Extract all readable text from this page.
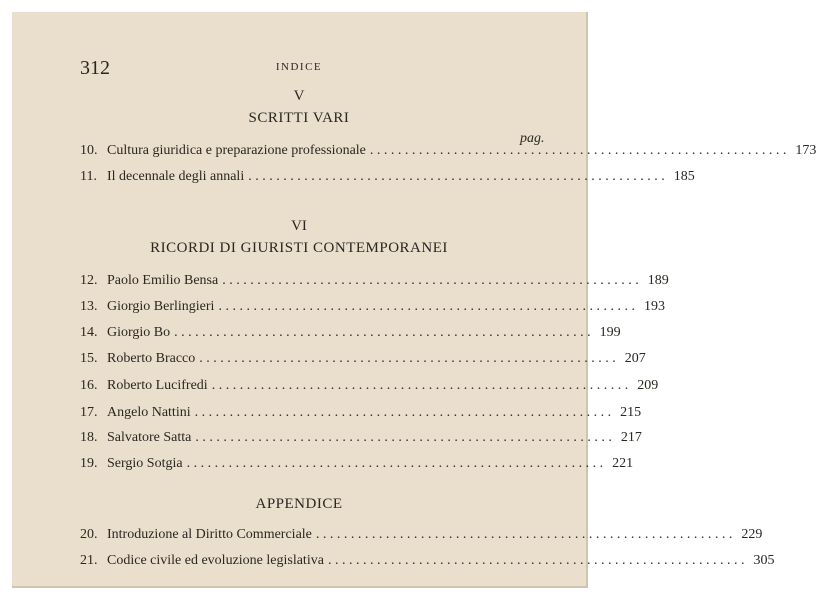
312	INDICE
V
SCRITTI VARI
pag.
VI
RICORDI DI GIURISTI CONTEMPORANEI
APPENDICE
10. Cultura giuridica e preparazione professionale . . . . . . . . . . . . . . . . . . . . . . . . . . . . . . . . . . . . . . . . . . . . . . . . . . . . . . . . . . . . 173
11. Il decennale degli annali . . . . . . . . . . . . . . . . . . . . . . . . . . . . . . . . . . . . . . . . . . . . . . . . . . . . . . . . . . . . 185
12. Paolo Emilio Bensa . . . . . . . . . . . . . . . . . . . . . . . . . . . . . . . . . . . . . . . . . . . . . . . . . . . . . . . . . . . . 189
13. Giorgio Berlingieri . . . . . . . . . . . . . . . . . . . . . . . . . . . . . . . . . . . . . . . . . . . . . . . . . . . . . . . . . . . . 193
14. Giorgio Bo . . . . . . . . . . . . . . . . . . . . . . . . . . . . . . . . . . . . . . . . . . . . . . . . . . . . . . . . . . . . 199
15. Roberto Bracco . . . . . . . . . . . . . . . . . . . . . . . . . . . . . . . . . . . . . . . . . . . . . . . . . . . . . . . . . . . . 207
16. Roberto Lucifredi . . . . . . . . . . . . . . . . . . . . . . . . . . . . . . . . . . . . . . . . . . . . . . . . . . . . . . . . . . . . 209
17. Angelo Nattini . . . . . . . . . . . . . . . . . . . . . . . . . . . . . . . . . . . . . . . . . . . . . . . . . . . . . . . . . . . . 215
18. Salvatore Satta . . . . . . . . . . . . . . . . . . . . . . . . . . . . . . . . . . . . . . . . . . . . . . . . . . . . . . . . . . . . 217
19. Sergio Sotgia . . . . . . . . . . . . . . . . . . . . . . . . . . . . . . . . . . . . . . . . . . . . . . . . . . . . . . . . . . . . 221
20. Introduzione al Diritto Commerciale . . . . . . . . . . . . . . . . . . . . . . . . . . . . . . . . . . . . . . . . . . . . . . . . . . . . . . . . . . . . 229
21. Codice civile ed evoluzione legislativa . . . . . . . . . . . . . . . . . . . . . . . . . . . . . . . . . . . . . . . . . . . . . . . . . . . . . . . . . . . . 305
